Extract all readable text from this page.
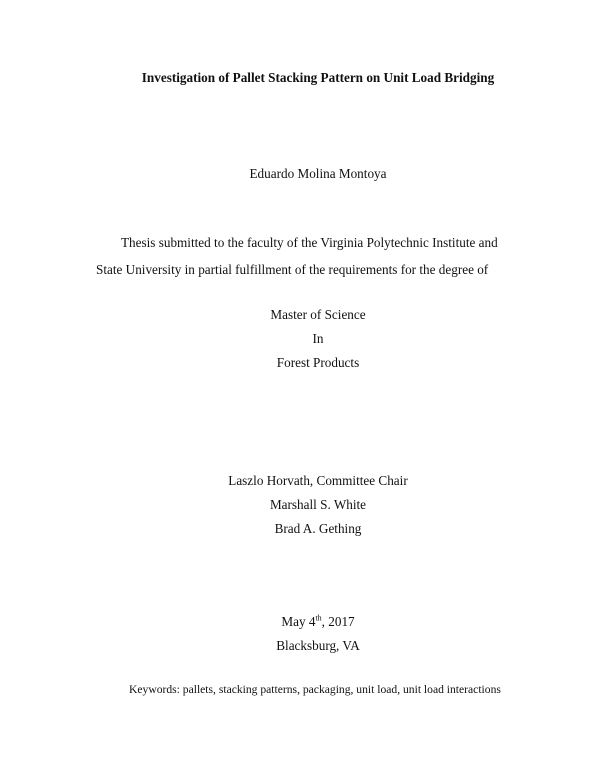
Investigation of Pallet Stacking Pattern on Unit Load Bridging
Eduardo Molina Montoya
Thesis submitted to the faculty of the Virginia Polytechnic Institute and
State University in partial fulfillment of the requirements for the degree of
Master of Science
In
Forest Products
Laszlo Horvath, Committee Chair
Marshall S. White
Brad A. Gething
May 4th, 2017
Blacksburg, VA
Keywords: pallets, stacking patterns, packaging, unit load, unit load interactions
